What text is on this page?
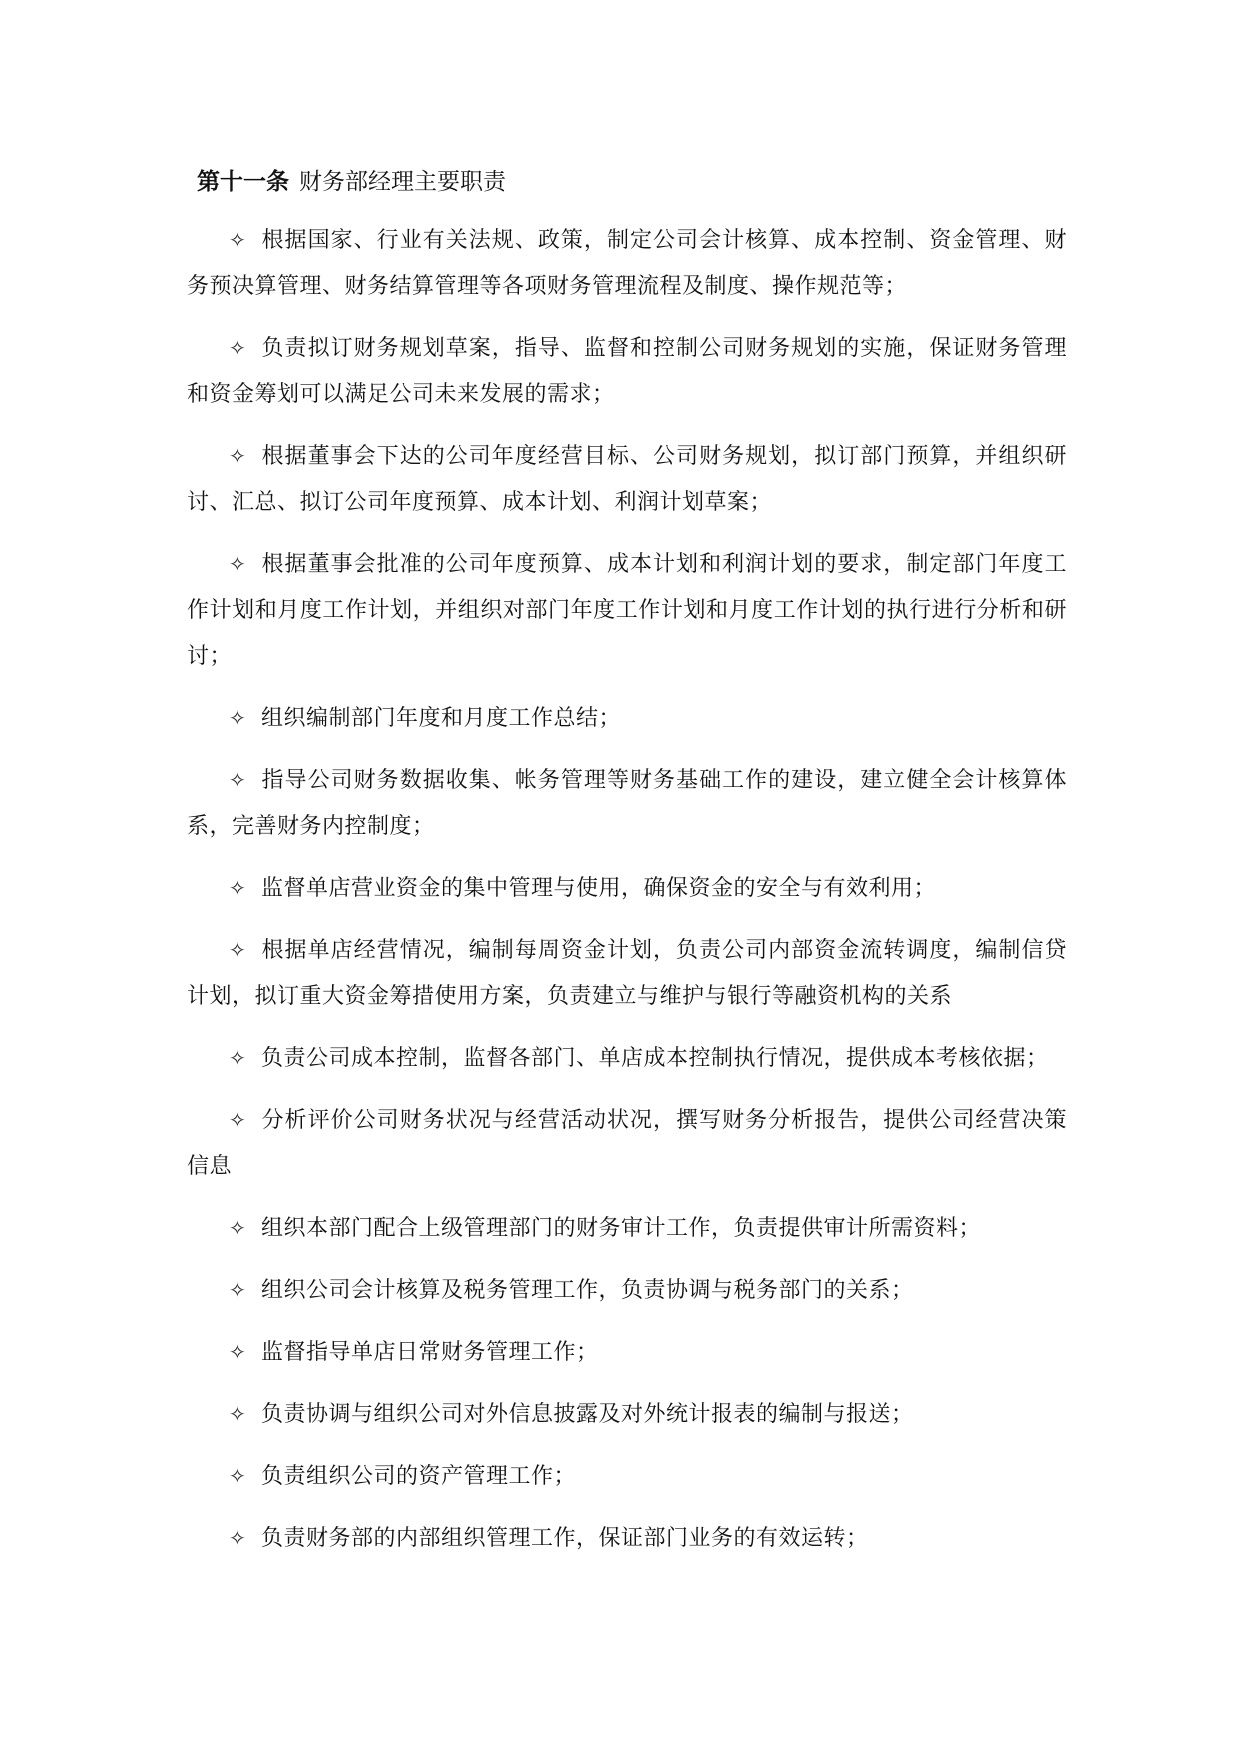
第十一条 财务部经理主要职责
✧ 根据国家、行业有关法规、政策，制定公司会计核算、成本控制、资金管理、财务预决算管理、财务结算管理等各项财务管理流程及制度、操作规范等；
✧ 负责拟订财务规划草案，指导、监督和控制公司财务规划的实施，保证财务管理和资金筹划可以满足公司未来发展的需求；
✧ 根据董事会下达的公司年度经营目标、公司财务规划，拟订部门预算，并组织研讨、汇总、拟订公司年度预算、成本计划、利润计划草案；
✧ 根据董事会批准的公司年度预算、成本计划和利润计划的要求，制定部门年度工作计划和月度工作计划，并组织对部门年度工作计划和月度工作计划的执行进行分析和研讨；
✧ 组织编制部门年度和月度工作总结；
✧ 指导公司财务数据收集、帐务管理等财务基础工作的建设，建立健全会计核算体系，完善财务内控制度；
✧ 监督单店营业资金的集中管理与使用，确保资金的安全与有效利用；
✧ 根据单店经营情况，编制每周资金计划，负责公司内部资金流转调度，编制信贷计划，拟订重大资金筹措使用方案，负责建立与维护与银行等融资机构的关系
✧ 负责公司成本控制，监督各部门、单店成本控制执行情况，提供成本考核依据；
✧ 分析评价公司财务状况与经营活动状况，撰写财务分析报告，提供公司经营决策信息
✧ 组织本部门配合上级管理部门的财务审计工作，负责提供审计所需资料；
✧ 组织公司会计核算及税务管理工作，负责协调与税务部门的关系；
✧ 监督指导单店日常财务管理工作；
✧ 负责协调与组织公司对外信息披露及对外统计报表的编制与报送；
✧ 负责组织公司的资产管理工作；
✧ 负责财务部的内部组织管理工作，保证部门业务的有效运转；
